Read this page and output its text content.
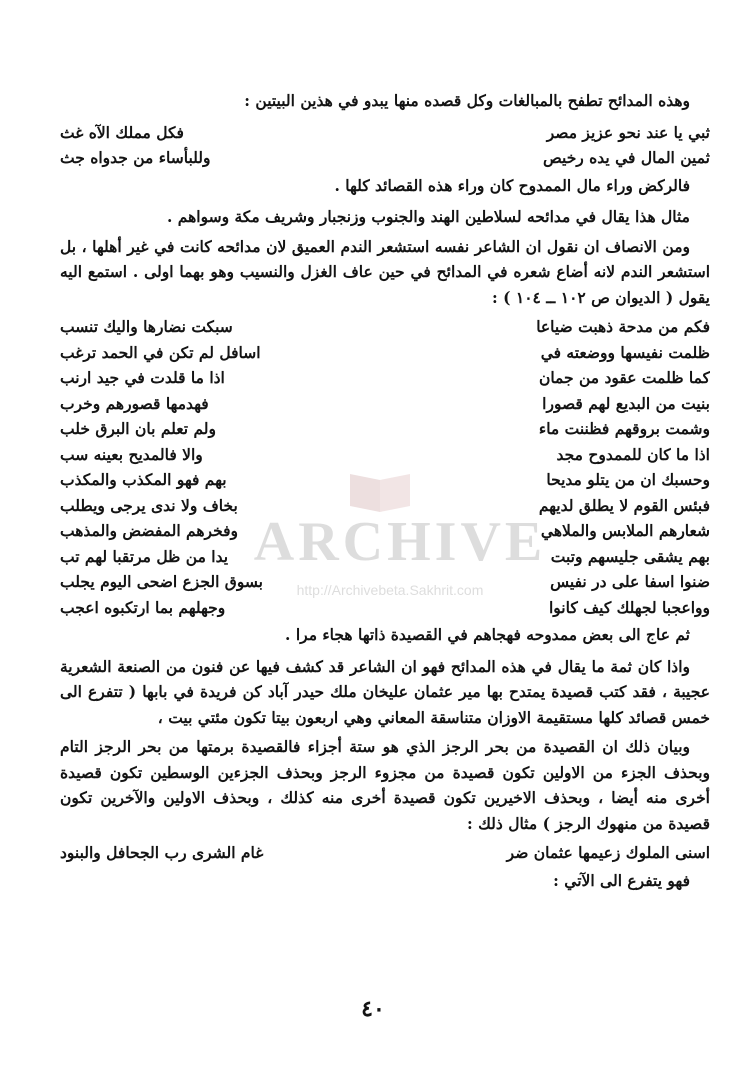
وهذه المدائح تطفح بالمبالغات وكل قصده منها يبدو في هذين البيتين :

ثبي يا عند نحو عزيز مصر
فكل مملك الآه غث
ثمين المال في يده رخيص
وللبأساء من جدواه جث

فالركض وراء مال الممدوح كان وراء هذه القصائد كلها .

مثال هذا يقال في مدائحه لسلاطين الهند والجنوب وزنجبار وشريف مكة وسواهم .

ومن الانصاف ان نقول ان الشاعر نفسه استشعر الندم العميق لان مدائحه كانت في غير أهلها ، بل استشعر الندم لانه أضاع شعره في المدائح في حين عاف الغزل والنسيب وهو بهما اولى . استمع اليه يقول ( الديوان ص ١٠٢ ــ ١٠٤ ) :

فكم من مدحة ذهبت ضياعا
سبكت نضارها واليك تنسب
ظلمت نفيسها ووضعته في
اسافل لم تكن في الحمد ترغب
كما ظلمت عقود من جمان
اذا ما قلدت في جيد ارنب
بنيت من البديع لهم قصورا
فهدمها قصورهم وخرب
وشمت بروقهم فظننت ماء
ولم تعلم بان البرق خلب
اذا ما كان للممدوح مجد
والا فالمديح بعينه سب
وحسبك ان من يتلو مديحا
بهم فهو المكذب والمكذب
فبئس القوم لا يطلق لديهم
بخاف ولا ندى يرجى ويطلب
شعارهم الملابس والملاهي
وفخرهم المفضض والمذهب
بهم يشقى جليسهم وتبت
يدا من ظل مرتقبا لهم تب
ضنوا اسفا على در نفيس
بسوق الجزع اضحى اليوم يجلب
وواعجبا لجهلك كيف كانوا
وجهلهم بما ارتكبوه اعجب

ثم عاج الى بعض ممدوحه فهجاهم في القصيدة ذاتها هجاء مرا .

واذا كان ثمة ما يقال في هذه المدائح فهو ان الشاعر قد كشف فيها عن فنون من الصنعة الشعرية عجيبة ، فقد كتب قصيدة يمتدح بها مير عثمان عليخان ملك حيدر آباد كن فريدة في بابها ( تتفرع الى خمس قصائد كلها مستقيمة الاوزان متناسقة المعاني وهي اربعون بيتا تكون مئتي بيت ،

وبيان ذلك ان القصيدة من بحر الرجز الذي هو ستة أجزاء فالقصيدة برمتها من بحر الرجز التام وبحذف الجزء من الاولين تكون قصيدة من مجزوء الرجز وبحذف الجزءين الوسطين تكون قصيدة أخرى منه أيضا ، وبحذف الاخيرين تكون قصيدة أخرى منه كذلك ، وبحذف الاولين والآخرين تكون قصيدة من منهوك الرجز ) مثال ذلك :

اسنى الملوك زعيمها عثمان ضر
غام الشرى رب الجحافل والبنود

فهو يتفرع الى الآتي :

٤٠
ARCHIVE
http://Archivebeta.Sakhrit.com
